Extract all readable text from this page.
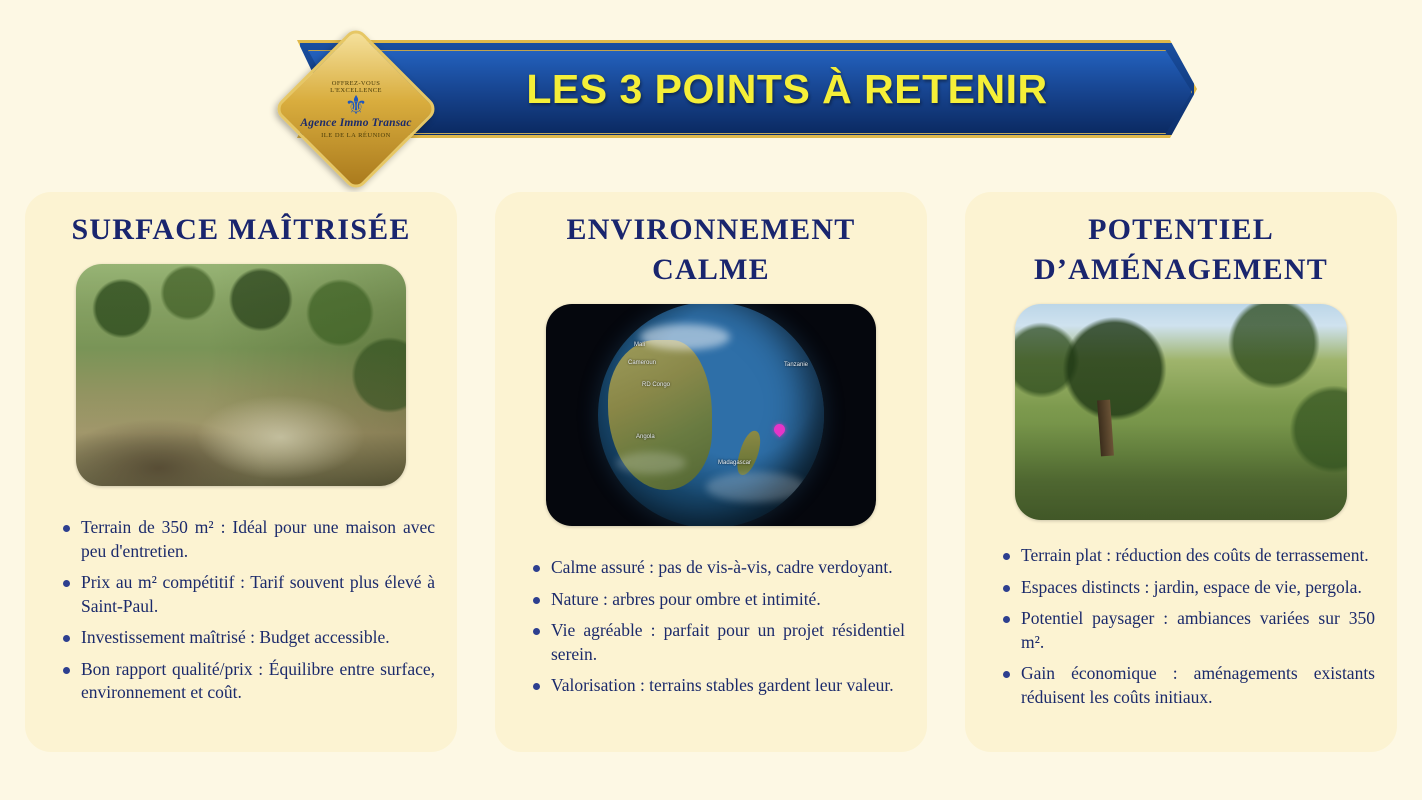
LES 3 POINTS À RETENIR
OFFREZ-VOUS L'EXCELLENCE
⚜
Agence Immo Transac
ILE DE LA RÉUNION
SURFACE MAÎTRISÉE
Terrain de 350 m² : Idéal pour une maison avec peu d'entretien.
Prix au m² compétitif : Tarif souvent plus élevé à Saint-Paul.
Investissement maîtrisé : Budget accessible.
Bon rapport qualité/prix : Équilibre entre surface, environnement et coût.
ENVIRONNEMENT CALME
Mali
Cameroun
RD Congo
Angola
Madagascar
Tanzanie
Calme assuré : pas de vis-à-vis, cadre verdoyant.
Nature : arbres pour ombre et intimité.
Vie agréable : parfait pour un projet résidentiel serein.
Valorisation : terrains stables gardent leur valeur.
POTENTIEL D’AMÉNAGEMENT
Terrain plat : réduction des coûts de terrassement.
Espaces distincts : jardin, espace de vie, pergola.
Potentiel paysager : ambiances variées sur 350 m².
Gain économique : aménagements existants réduisent les coûts initiaux.
